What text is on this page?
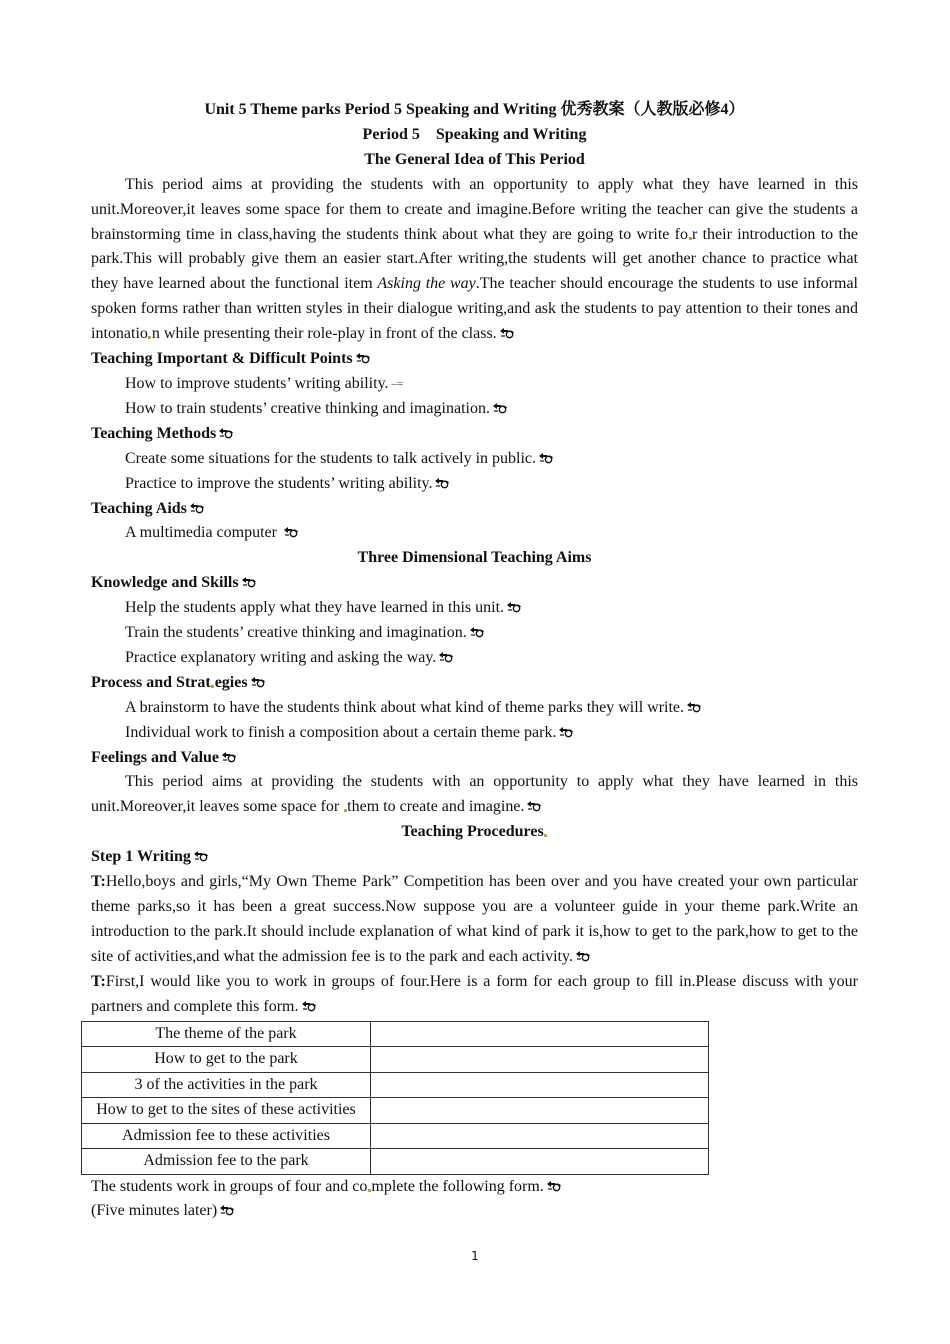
Unit 5 Theme parks Period 5 Speaking and Writing 优秀教案（人教版必修4）

Period 5　Speaking and Writing

The General Idea of This Period

This period aims at providing the students with an opportunity to apply what they have learned in this unit.Moreover,it leaves some space for them to create and imagine.Before writing the teacher can give the students a brainstorming time in class,having the students think about what they are going to write fo r their introduction to the park.This will probably give them an easier start.After writing,the students will get another chance to practice what they have learned about the functional item Asking the way.The teacher should encourage the students to use informal spoken forms rather than written styles in their dialogue writing,and ask the students to pay attention to their tones and intonatio n while presenting their role-play in front of the class.

Teaching Important & Difficult Points

How to improve students’ writing ability. –=

How to train students’ creative thinking and imagination.

Teaching Methods

Create some situations for the students to talk actively in public.

Practice to improve the students’ writing ability.

Teaching Aids

A multimedia computer

Three Dimensional Teaching Aims

Knowledge and Skills

Help the students apply what they have learned in this unit.

Train the students’ creative thinking and imagination.

Practice explanatory writing and asking the way.

Process and Strat egies

A brainstorm to have the students think about what kind of theme parks they will write.

Individual work to finish a composition about a certain theme park.

Feelings and Value

This period aims at providing the students with an opportunity to apply what they have learned in this unit.Moreover,it leaves some space for them to create and imagine.

Teaching Procedures

Step 1 Writing

T:Hello,boys and girls,“My Own Theme Park” Competition has been over and you have created your own particular theme parks,so it has been a great success.Now suppose you are a volunteer guide in your theme park.Write an introduction to the park.It should include explanation of what kind of park it is,how to get to the park,how to get to the site of activities,and what the admission fee is to the park and each activity.

T:First,I would like you to work in groups of four.Here is a form for each group to fill in.Please discuss with your partners and complete this form.

The theme of the park	
How to get to the park	
3 of the activities in the park	
How to get to the sites of these activities	
Admission fee to these activities	
Admission fee to the park	

The students work in groups of four and co mplete the following form.

(Five minutes later)

1
